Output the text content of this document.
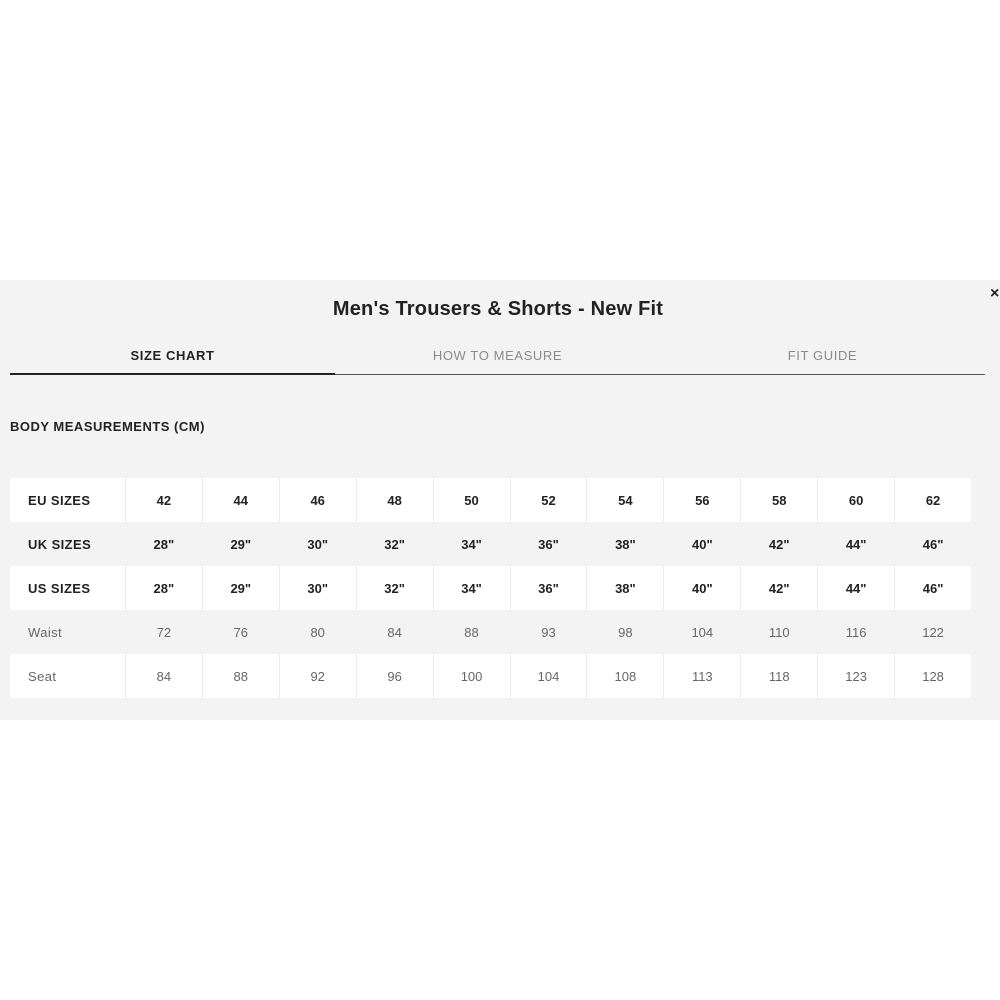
×
Men's Trousers & Shorts - New Fit
SIZE CHART	HOW TO MEASURE	FIT GUIDE
BODY MEASUREMENTS (CM)
EU SIZES	42	44	46	48	50	52	54	56	58	60	62
UK SIZES	28"	29"	30"	32"	34"	36"	38"	40"	42"	44"	46"
US SIZES	28"	29"	30"	32"	34"	36"	38"	40"	42"	44"	46"
Waist	72	76	80	84	88	93	98	104	110	116	122
Seat	84	88	92	96	100	104	108	113	118	123	128
